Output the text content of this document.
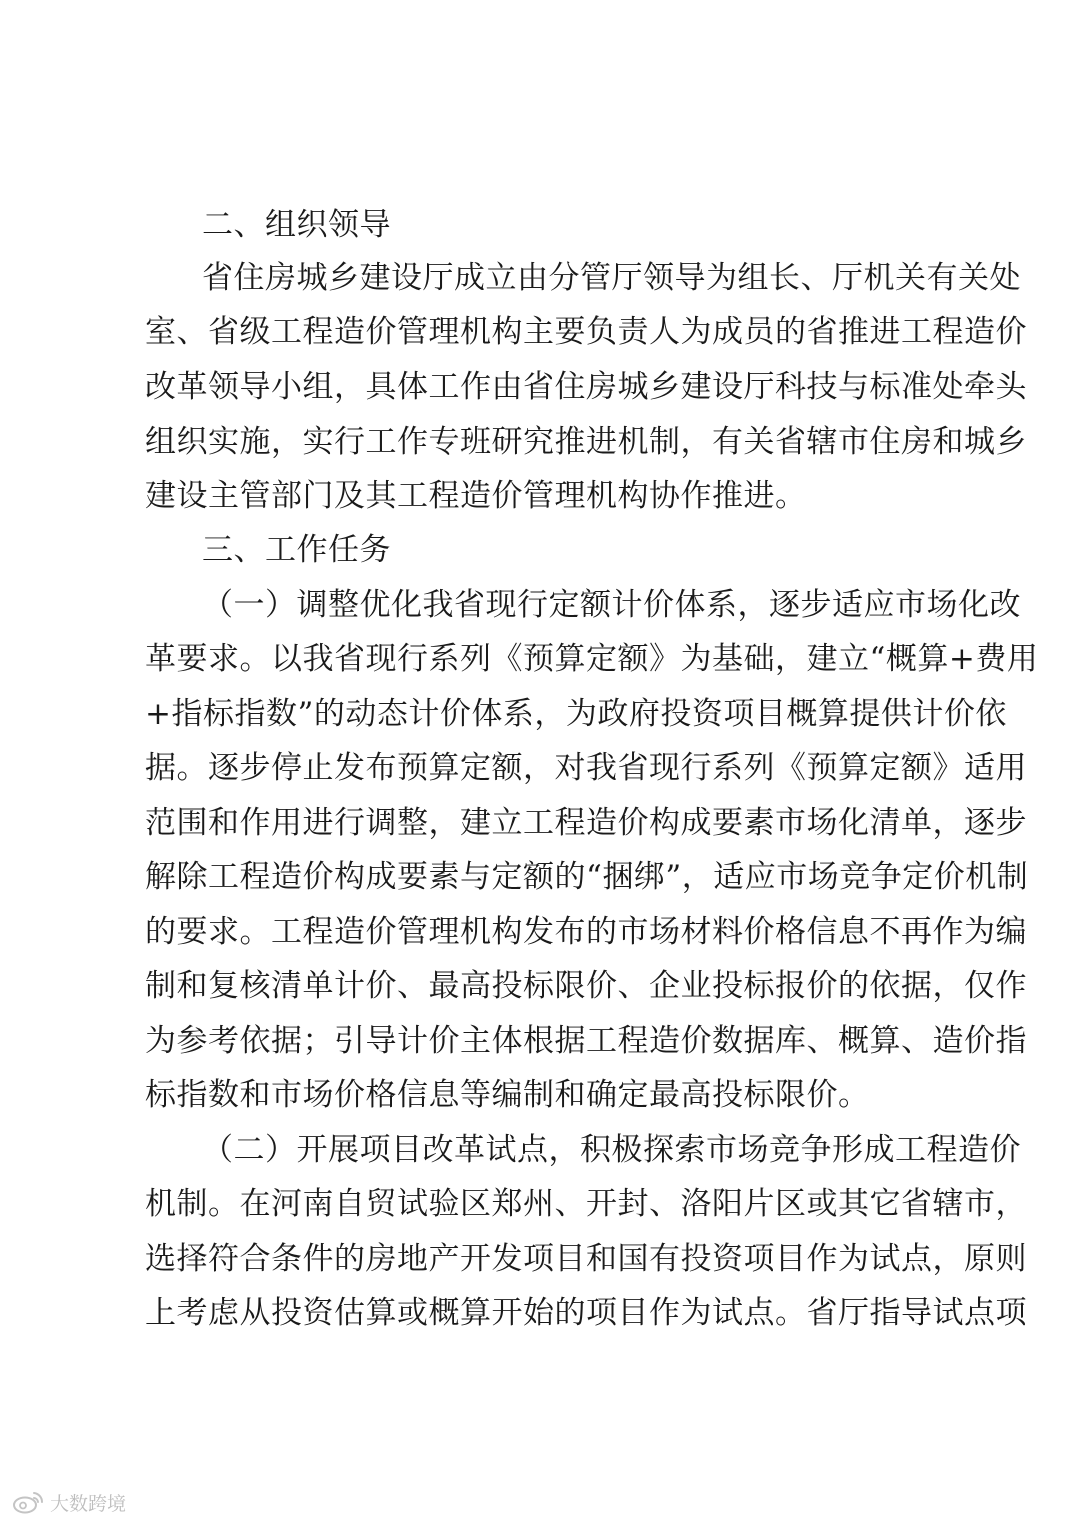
二、组织领导
省住房城乡建设厅成立由分管厅领导为组长、厅机关有关处
室、省级工程造价管理机构主要负责人为成员的省推进工程造价
改革领导小组，具体工作由省住房城乡建设厅科技与标准处牵头
组织实施，实行工作专班研究推进机制，有关省辖市住房和城乡
建设主管部门及其工程造价管理机构协作推进。
三、工作任务
（一）调整优化我省现行定额计价体系，逐步适应市场化改
革要求。以我省现行系列《预算定额》为基础，建立“概算+费用
+指标指数”的动态计价体系，为政府投资项目概算提供计价依
据。逐步停止发布预算定额，对我省现行系列《预算定额》适用
范围和作用进行调整，建立工程造价构成要素市场化清单，逐步
解除工程造价构成要素与定额的“捆绑”，适应市场竞争定价机制
的要求。工程造价管理机构发布的市场材料价格信息不再作为编
制和复核清单计价、最高投标限价、企业投标报价的依据，仅作
为参考依据；引导计价主体根据工程造价数据库、概算、造价指
标指数和市场价格信息等编制和确定最高投标限价。
（二）开展项目改革试点，积极探索市场竞争形成工程造价
机制。在河南自贸试验区郑州、开封、洛阳片区或其它省辖市，
选择符合条件的房地产开发项目和国有投资项目作为试点，原则
上考虑从投资估算或概算开始的项目作为试点。省厅指导试点项
大数跨境
